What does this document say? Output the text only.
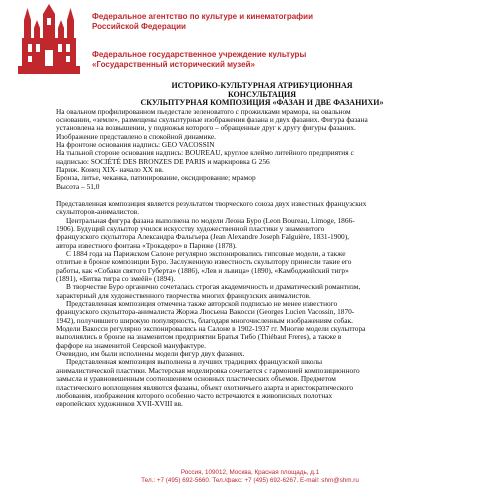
Федеральное агентство по культуре и кинематографии
Российской Федерации
Федеральное государственное учреждение культуры
«Государственный исторический музей»

ИСТОРИКО-КУЛЬТУРНАЯ АТРИБУЦИОННАЯ

КОНСУЛЬТАЦИЯ

СКУЛЬПТУРНАЯ КОМПОЗИЦИЯ «ФАЗАН И ДВЕ ФАЗАНИХИ»

На овальном профилированном пьедестале зеленоватого с прожилками мрамора, на овальном

основании, «земле», размещены скульптурные изображения фазана и двух фазаних. Фигура фазана

установлена на возвышении, у подножья которого – обращенные друг к другу фигуры фазаних.

Изображение представлено в спокойной динамике.

На фронтоне основания надпись: GEO VACOSSIN

На тыльной стороне основания надпись: BOUREAU, круглое клеймо литейного предприятия с

надписью: SOCIÉTÉ DES BRONZES DE PARIS и маркировка G 256

Париж. Конец XIX- начало XX вв.

Бронза, литье, чеканка, патинирование, оксидирование; мрамор

Высота – 51,0

Представленная композиция является результатом творческого союза двух известных французских

скульпторов-анималистов.

Центральная фигура фазана выполнена по модели Леона Буро (Leon Boureau, Limoge, 1866-

1906). Будущий скульптор учился искусству художественной пластики у знаменитого

французского скульптора Александра Фальгьера (Jean Alexandre Joseph Falguière, 1831-1900),

автора известного фонтана «Трокадеро» в Париже (1878).

С 1884 года на Парижском Салоне регулярно экспонировались гипсовые модели, а также

отлитые в бронзе композиции Буро. Заслуженную известность скульптору принесли такие его

работы, как «Собаки святого Губерта» (1886), «Лев и львица» (1890), «Камбоджийский тигр»

(1891), «Битва тигра со змеёй» (1894).

В творчестве Буро органично сочеталась строгая академичность и драматический романтизм,

характерный для художественного творчества многих французских анималистов.

Представленная композиция отмечена также авторской подписью не менее известного

французского скульптора-анималиста Жоржа Люсьена Вакосси (Georges Lucien Vacossin, 1870-

1942), получившего широкую популярность, благодаря многочисленным изображениям собак.

Модели Вакосси регулярно экспонировались на Салоне в 1902-1937 гг. Многие модели скульптора

выполнялись в бронзе на знаменитом предприятии Братья Тибо (Thiébaut Freres), а также в

фарфоре на знаменитой Севрской мануфактуре.

Очевидно, им были исполнены модели фигур двух фазаних.

Представленная композиция выполнена в лучших традициях французской школы

анималистической пластики. Мастерская моделировка сочетается с гармонией композиционного

замысла и уравновешенным соотношением основных пластических объемов. Предметом

пластического воплощения являются фазаны, объект охотничьего азарта и аристократического

любования, изображения которого особенно часто встречаются в живописных полотнах

европейских художников XVII-XVIII вв.

Россия, 109012, Москва, Красная площадь, д.1
Тел.: +7 (495) 692-5660. Тел./факс: +7 (495) 692-6267. E-mail: shm@shm.ru
